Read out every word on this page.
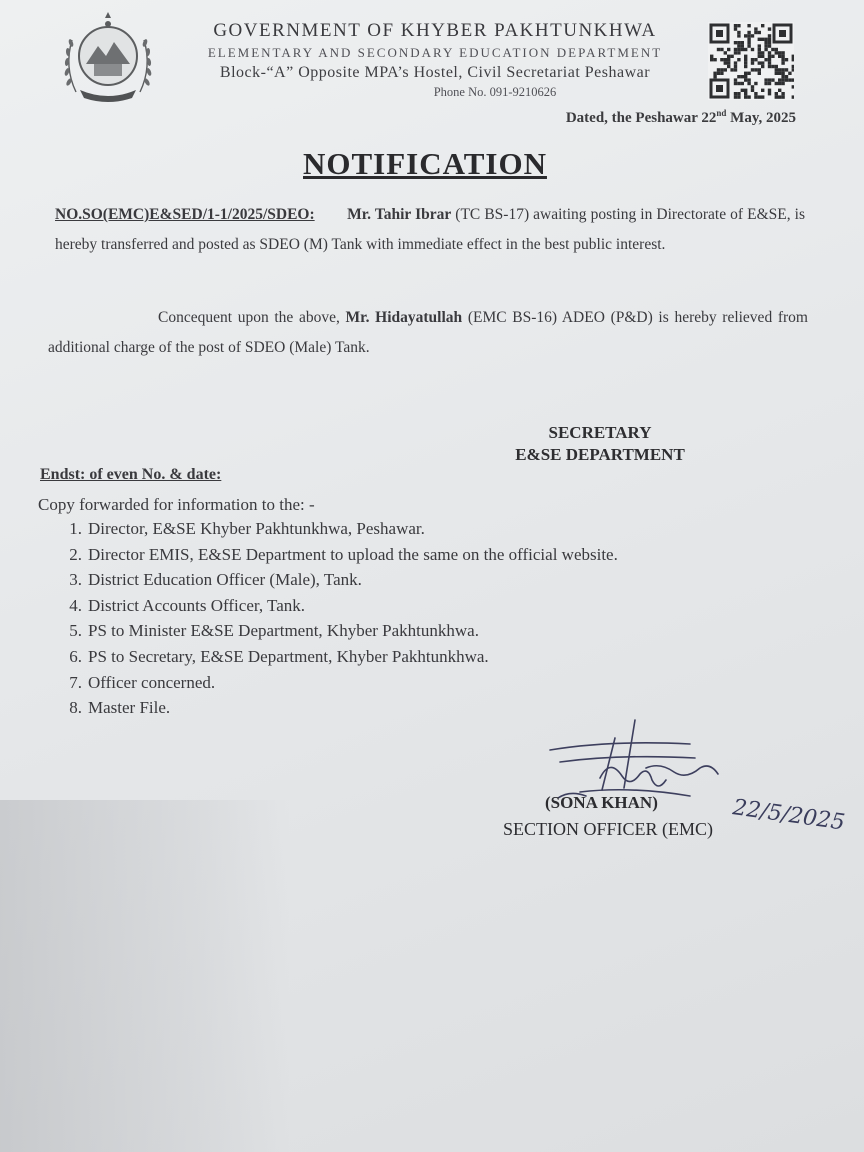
GOVERNMENT OF KHYBER PAKHTUNKHWA
ELEMENTARY AND SECONDARY EDUCATION DEPARTMENT
Block-“A” Opposite MPA’s Hostel, Civil Secretariat Peshawar
Phone No. 091-9210626
Dated, the Peshawar 22nd May, 2025
NOTIFICATION
NO.SO(EMC)E&SED/1-1/2025/SDEO: Mr. Tahir Ibrar (TC BS-17) awaiting posting in Directorate of E&SE, is hereby transferred and posted as SDEO (M) Tank with immediate effect in the best public interest.
Concequent upon the above, Mr. Hidayatullah (EMC BS-16) ADEO (P&D) is hereby relieved from additional charge of the post of SDEO (Male) Tank.
SECRETARY
E&SE DEPARTMENT
Endst: of even No. & date:
Copy forwarded for information to the: -
1. Director, E&SE Khyber Pakhtunkhwa, Peshawar.
2. Director EMIS, E&SE Department to upload the same on the official website.
3. District Education Officer (Male), Tank.
4. District Accounts Officer, Tank.
5. PS to Minister E&SE Department, Khyber Pakhtunkhwa.
6. PS to Secretary, E&SE Department, Khyber Pakhtunkhwa.
7. Officer concerned.
8. Master File.
22/5/2025
(SONA KHAN)
SECTION OFFICER (EMC)
